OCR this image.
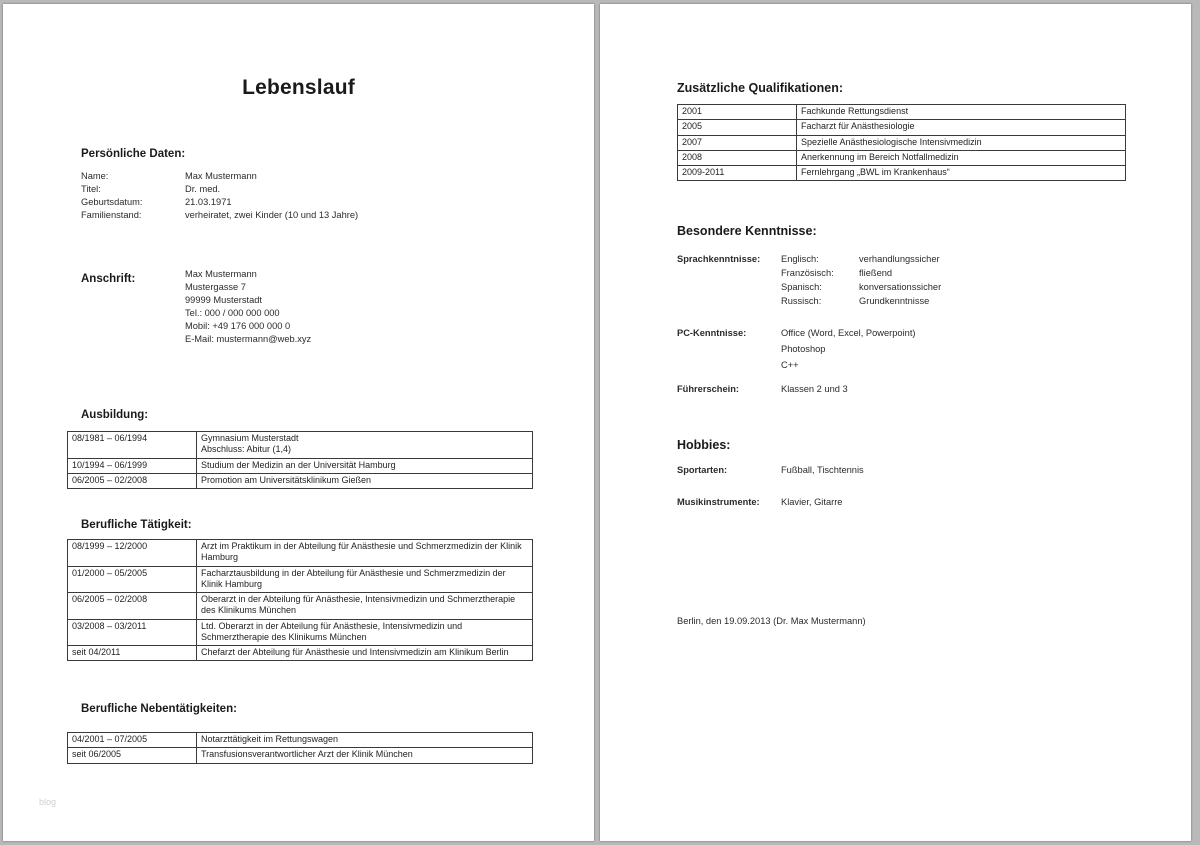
Lebenslauf
Persönliche Daten:
Name:	Max Mustermann
Titel:	Dr. med.
Geburtsdatum:	21.03.1971
Familienstand:	verheiratet, zwei Kinder (10 und 13 Jahre)
Anschrift:	Max Mustermann
Mustergasse 7
99999 Musterstadt
Tel.: 000 / 000 000 000
Mobil: +49 176 000 000 0
E-Mail: mustermann@web.xyz
Ausbildung:
08/1981 – 06/1994	Gymnasium Musterstadt
Abschluss: Abitur (1,4)
10/1994 – 06/1999	Studium der Medizin an der Universität Hamburg
06/2005 – 02/2008	Promotion am Universitätsklinikum Gießen
Berufliche Tätigkeit:
08/1999 – 12/2000	Arzt im Praktikum in der Abteilung für Anästhesie und Schmerzmedizin der Klinik Hamburg
01/2000 – 05/2005	Facharztausbildung in der Abteilung für Anästhesie und Schmerzmedizin der Klinik Hamburg
06/2005 – 02/2008	Oberarzt in der Abteilung für Anästhesie, Intensivmedizin und Schmerztherapie des Klinikums München
03/2008 – 03/2011	Ltd. Oberarzt in der Abteilung für Anästhesie, Intensivmedizin und Schmerztherapie des Klinikums München
seit 04/2011	Chefarzt der Abteilung für Anästhesie und Intensivmedizin am Klinikum Berlin
Berufliche Nebentätigkeiten:
04/2001 – 07/2005	Notarzttätigkeit im Rettungswagen
seit 06/2005	Transfusionsverantwortlicher Arzt der Klinik München
blog
Zusätzliche Qualifikationen:
2001	Fachkunde Rettungsdienst
2005	Facharzt für Anästhesiologie
2007	Spezielle Anästhesiologische Intensivmedizin
2008	Anerkennung im Bereich Notfallmedizin
2009-2011	Fernlehrgang „BWL im Krankenhaus“
Besondere Kenntnisse:
Sprachkenntnisse:	Englisch:	verhandlungssicher
Französisch:	fließend
Spanisch:	konversationssicher
Russisch:	Grundkenntnisse
PC-Kenntnisse:	Office (Word, Excel, Powerpoint)
Photoshop
C++
Führerschein:	Klassen 2 und 3
Hobbies:
Sportarten:	Fußball, Tischtennis
Musikinstrumente:	Klavier, Gitarre
Berlin, den 19.09.2013 (Dr. Max Mustermann)
